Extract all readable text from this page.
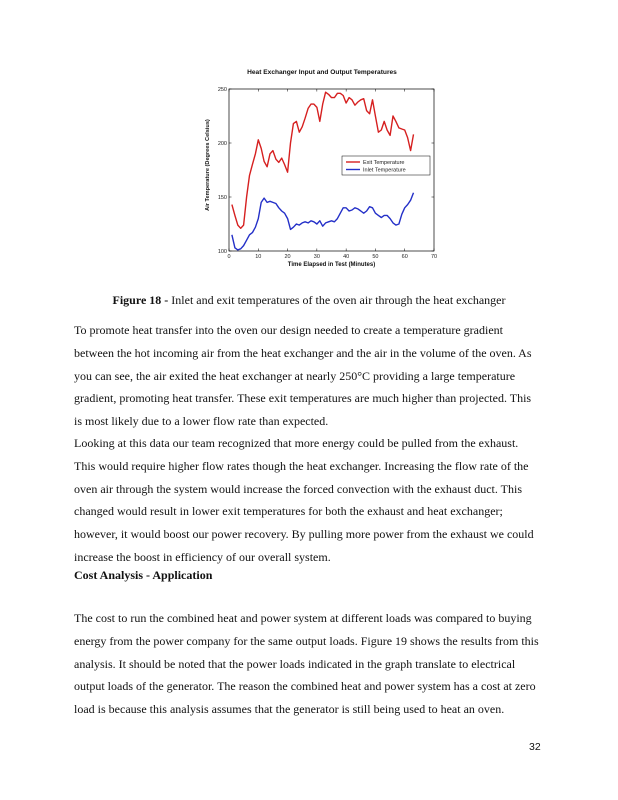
Heat Exchanger Input and Output Temperatures
Air Temperature (Degrees Celsius)
Time Elapsed in Test (Minutes)
0	10	20	30	40	50	60	70
100
150
200
250
Exit Temperature
Inlet Temperature
Figure 18 - Inlet and exit temperatures of the oven air through the heat exchanger
To promote heat transfer into the oven our design needed to create a temperature gradient
between the hot incoming air from the heat exchanger and the air in the volume of the oven. As
you can see, the air exited the heat exchanger at nearly 250°C providing a large temperature
gradient, promoting heat transfer. These exit temperatures are much higher than projected. This
is most likely due to a lower flow rate than expected.
Looking at this data our team recognized that more energy could be pulled from the exhaust.
This would require higher flow rates though the heat exchanger. Increasing the flow rate of the
oven air through the system would increase the forced convection with the exhaust duct. This
changed would result in lower exit temperatures for both the exhaust and heat exchanger;
however, it would boost our power recovery. By pulling more power from the exhaust we could
increase the boost in efficiency of our overall system.
Cost Analysis - Application
The cost to run the combined heat and power system at different loads was compared to buying
energy from the power company for the same output loads. Figure 19 shows the results from this
analysis. It should be noted that the power loads indicated in the graph translate to electrical
output loads of the generator. The reason the combined heat and power system has a cost at zero
load is because this analysis assumes that the generator is still being used to heat an oven.
32
